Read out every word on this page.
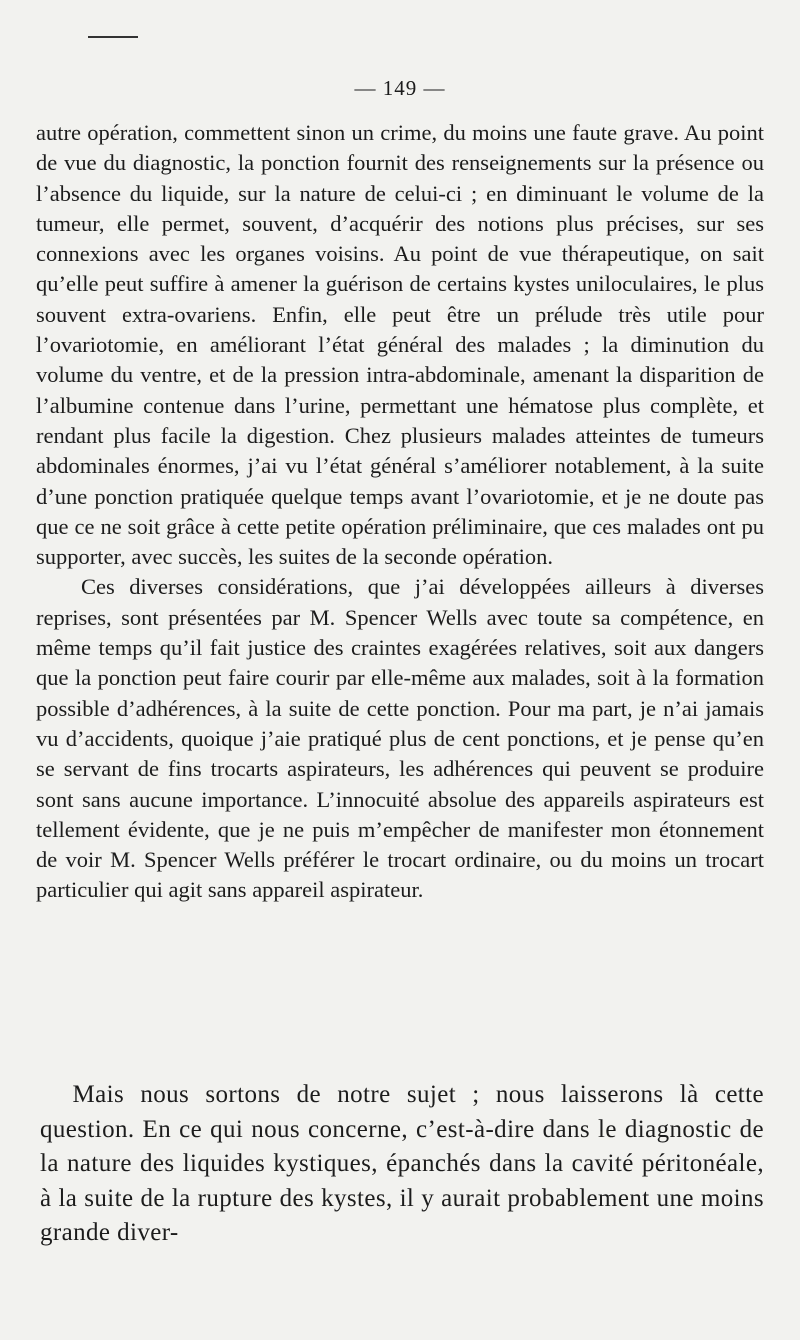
— 149 —

autre opération, commettent sinon un crime, du moins une faute grave. Au point de vue du diagnostic, la ponction fournit des renseignements sur la présence ou l’absence du liquide, sur la nature de celui-ci ; en diminuant le volume de la tumeur, elle permet, souvent, d’acquérir des notions plus précises, sur ses connexions avec les organes voisins. Au point de vue thérapeutique, on sait qu’elle peut suffire à amener la guérison de certains kystes uniloculaires, le plus souvent extra-ovariens. Enfin, elle peut être un prélude très utile pour l’ovariotomie, en améliorant l’état général des malades ; la diminution du volume du ventre, et de la pression intra-abdominale, amenant la disparition de l’albumine contenue dans l’urine, permettant une hématose plus complète, et rendant plus facile la digestion. Chez plusieurs malades atteintes de tumeurs abdominales énormes, j’ai vu l’état général s’améliorer notablement, à la suite d’une ponction pratiquée quelque temps avant l’ovariotomie, et je ne doute pas que ce ne soit grâce à cette petite opération préliminaire, que ces malades ont pu supporter, avec succès, les suites de la seconde opération.

Ces diverses considérations, que j’ai développées ailleurs à diverses reprises, sont présentées par M. Spencer Wells avec toute sa compétence, en même temps qu’il fait justice des craintes exagérées relatives, soit aux dangers que la ponction peut faire courir par elle-même aux malades, soit à la formation possible d’adhérences, à la suite de cette ponction. Pour ma part, je n’ai jamais vu d’accidents, quoique j’aie pratiqué plus de cent ponctions, et je pense qu’en se servant de fins trocarts aspirateurs, les adhérences qui peuvent se produire sont sans aucune importance. L’innocuité absolue des appareils aspirateurs est tellement évidente, que je ne puis m’empêcher de manifester mon étonnement de voir M. Spencer Wells préférer le trocart ordinaire, ou du moins un trocart particulier qui agit sans appareil aspirateur.

Mais nous sortons de notre sujet ; nous laisserons là cette question. En ce qui nous concerne, c’est-à-dire dans le diagnostic de la nature des liquides kystiques, épanchés dans la cavité péritonéale, à la suite de la rupture des kystes, il y aurait probablement une moins grande diver-
